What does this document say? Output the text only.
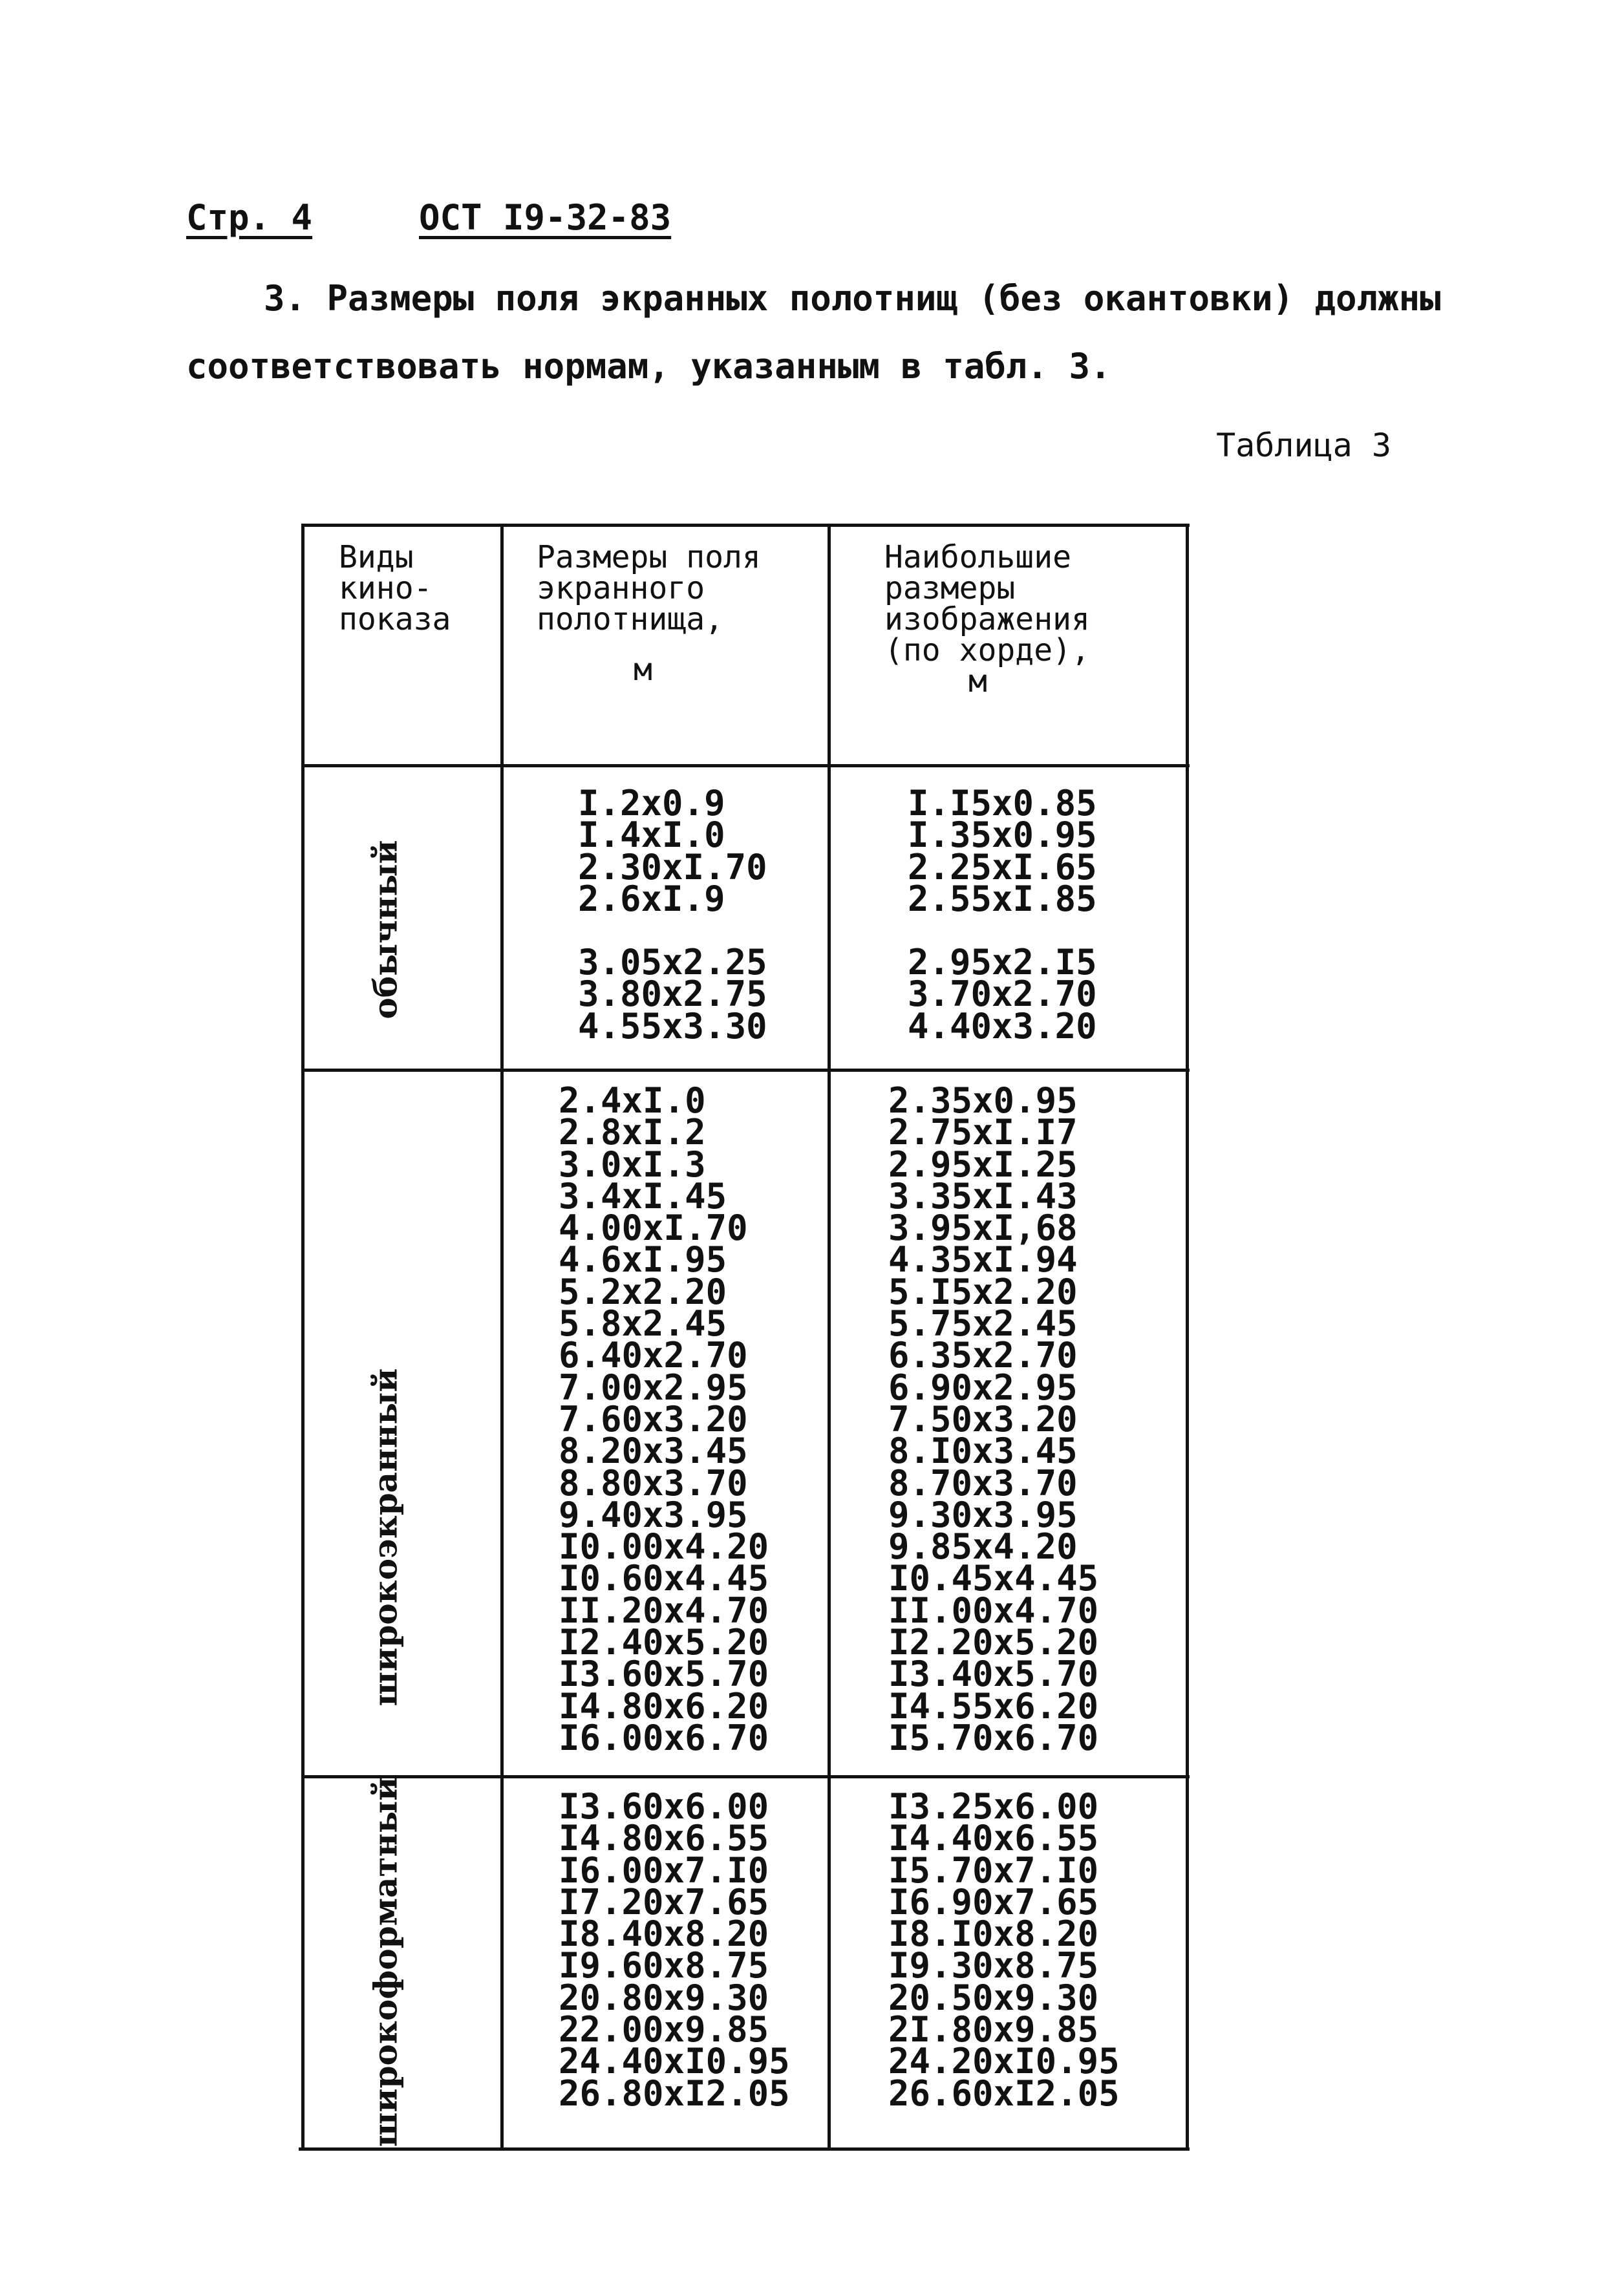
Стр. 4	ОСТ I9-32-83
3. Размеры поля экранных полотнищ (без окантовки) должны
соответствовать нормам, указанным в табл. 3.
Таблица 3
Виды
кино-
показа
Размеры поля
экранного
полотнища,
м
Наибольшие
размеры
изображения
(по хорде),
м
обычный
I.2x0.9
I.4xI.0
2.30xI.70
2.6xI.9
3.05x2.25
3.80x2.75
4.55x3.30
I.I5x0.85
I.35x0.95
2.25xI.65
2.55xI.85
2.95x2.I5
3.70x2.70
4.40x3.20
широкоэкранный
2.4xI.0
2.8xI.2
3.0xI.3
3.4xI.45
4.00xI.70
4.6xI.95
5.2x2.20
5.8x2.45
6.40x2.70
7.00x2.95
7.60x3.20
8.20x3.45
8.80x3.70
9.40x3.95
I0.00x4.20
I0.60x4.45
II.20x4.70
I2.40x5.20
I3.60x5.70
I4.80x6.20
I6.00x6.70
2.35x0.95
2.75xI.I7
2.95xI.25
3.35xI.43
3.95xI,68
4.35xI.94
5.I5x2.20
5.75x2.45
6.35x2.70
6.90x2.95
7.50x3.20
8.I0x3.45
8.70x3.70
9.30x3.95
9.85x4.20
I0.45x4.45
II.00x4.70
I2.20x5.20
I3.40x5.70
I4.55x6.20
I5.70x6.70
широкоформатный	I3.60x6.00
I4.80x6.55
I6.00x7.I0
I7.20x7.65
I8.40x8.20
I9.60x8.75
20.80x9.30
22.00x9.85
24.40xI0.95
26.80xI2.05
I3.25x6.00
I4.40x6.55
I5.70x7.I0
I6.90x7.65
I8.I0x8.20
I9.30x8.75
20.50x9.30
2I.80x9.85
24.20xI0.95
26.60xI2.05
